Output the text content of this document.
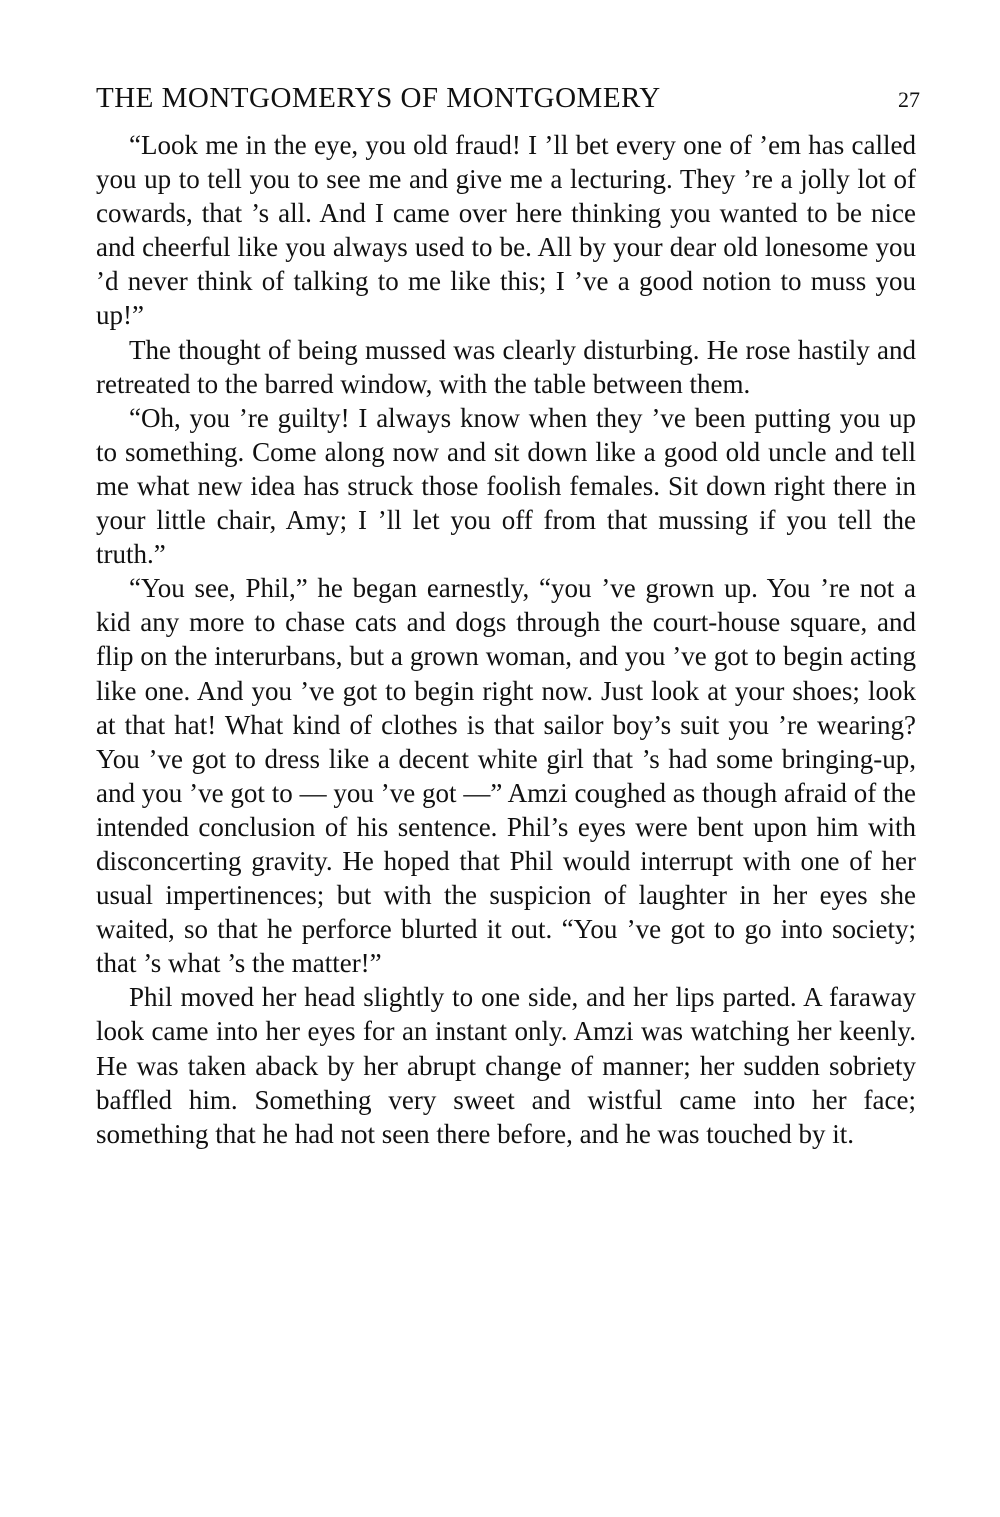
THE MONTGOMERYS OF MONTGOMERY	27

“Look me in the eye, you old fraud! I ’ll bet every one of ’em has called you up to tell you to see me and give me a lecturing. They ’re a jolly lot of cowards, that ’s all. And I came over here thinking you wanted to be nice and cheerful like you always used to be. All by your dear old lonesome you ’d never think of talking to me like this; I ’ve a good notion to muss you up!”

The thought of being mussed was clearly disturbing. He rose hastily and retreated to the barred window, with the table between them.

“Oh, you ’re guilty! I always know when they ’ve been putting you up to something. Come along now and sit down like a good old uncle and tell me what new idea has struck those foolish females. Sit down right there in your little chair, Amy; I ’ll let you off from that mussing if you tell the truth.”

“You see, Phil,” he began earnestly, “you ’ve grown up. You ’re not a kid any more to chase cats and dogs through the court-house square, and flip on the interurbans, but a grown woman, and you ’ve got to begin acting like one. And you ’ve got to begin right now. Just look at your shoes; look at that hat! What kind of clothes is that sailor boy’s suit you ’re wearing? You ’ve got to dress like a decent white girl that ’s had some bringing-up, and you ’ve got to — you ’ve got —” Amzi coughed as though afraid of the intended conclusion of his sentence. Phil’s eyes were bent upon him with disconcerting gravity. He hoped that Phil would interrupt with one of her usual impertinences; but with the suspicion of laughter in her eyes she waited, so that he perforce blurted it out. “You ’ve got to go into society; that ’s what ’s the matter!”

Phil moved her head slightly to one side, and her lips parted. A faraway look came into her eyes for an instant only. Amzi was watching her keenly. He was taken aback by her abrupt change of manner; her sudden sobriety baffled him. Something very sweet and wistful came into her face; something that he had not seen there before, and he was touched by it.
